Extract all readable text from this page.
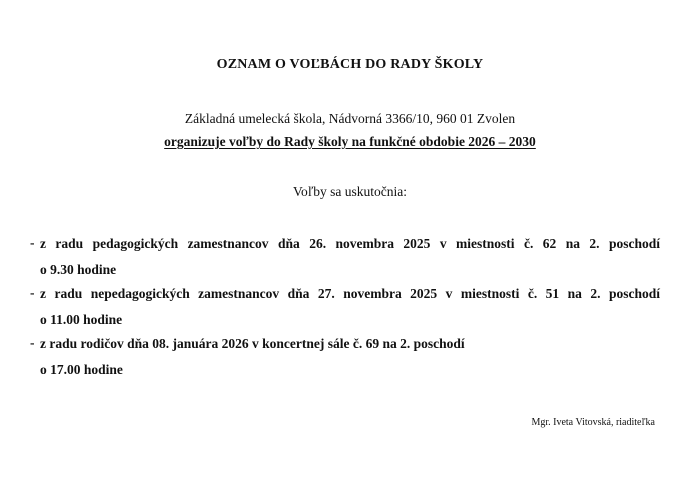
OZNAM O VOĽBÁCH DO RADY ŠKOLY
Základná umelecká škola, Nádvorná 3366/10, 960 01 Zvolen
organizuje voľby do Rady školy na funkčné obdobie 2026 – 2030
Voľby sa uskutočnia:
- z radu pedagogických zamestnancov dňa 26. novembra 2025 v miestnosti č. 62 na 2. poschodí
o 9.30 hodine
- z radu nepedagogických zamestnancov dňa 27. novembra 2025 v miestnosti č. 51 na 2. poschodí
o 11.00 hodine
- z radu rodičov dňa 08. januára 2026 v koncertnej sále č. 69 na 2. poschodí
o 17.00 hodine
Mgr. Iveta Vitovská, riaditeľka
